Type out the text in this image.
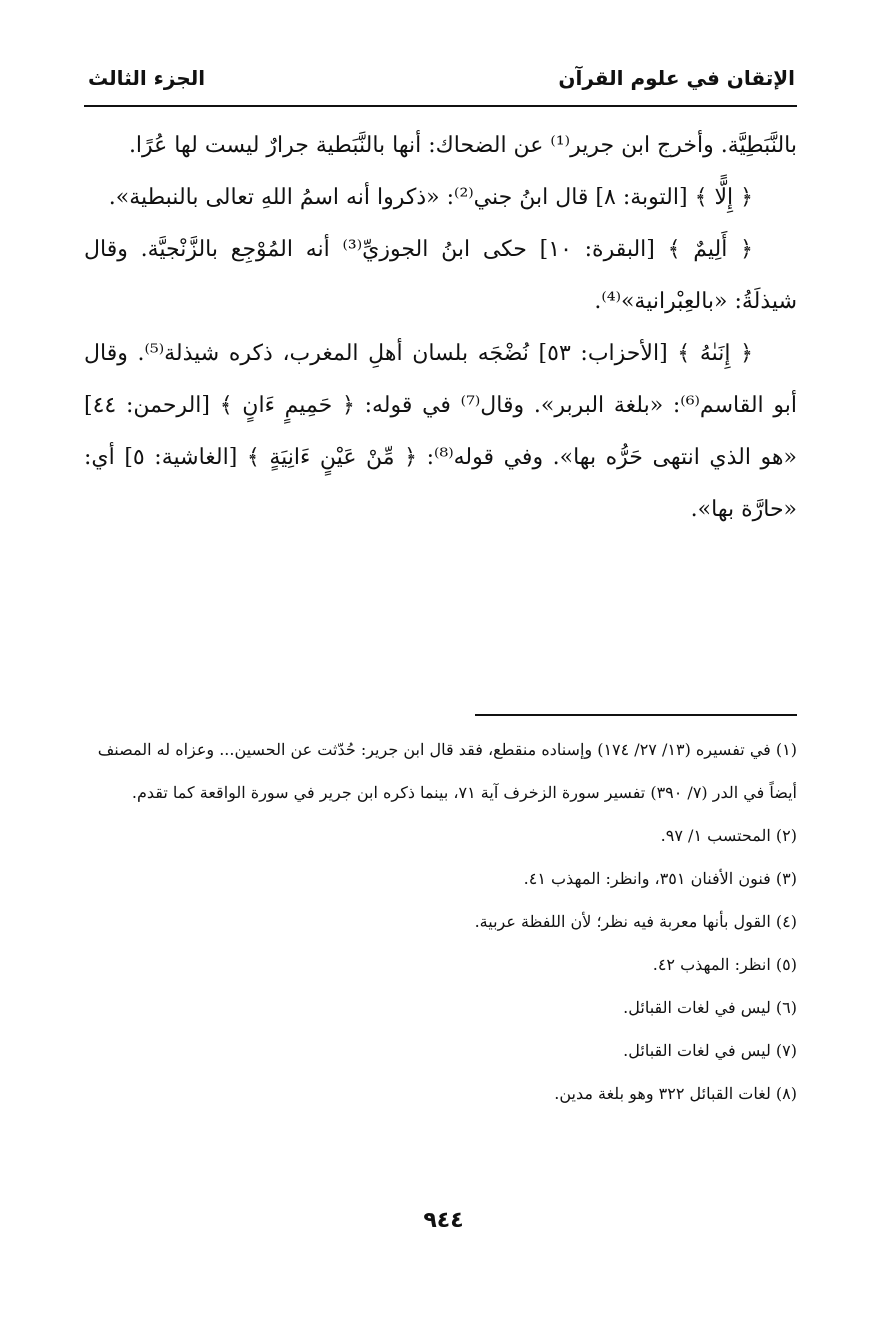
الإتقان في علوم القرآن
الجزء الثالث

بالنَّبَطِيَّة. وأخرج ابن جرير⁽¹⁾ عن الضحاك: أنها بالنَّبَطية جرارٌ ليست لها عُرًا.

﴿ إِلًّا ﴾ [التوبة: ٨] قال ابنُ جني⁽²⁾: «ذكروا أنه اسمُ اللهِ تعالى بالنبطية».

﴿ أَلِيمٌ ﴾ [البقرة: ١٠] حكى ابنُ الجوزيِّ⁽³⁾ أنه المُوْجِع بالزَّنْجيَّة. وقال شيذلَةُ: «بالعِبْرانية»⁽⁴⁾.

﴿ إِنَىٰهُ ﴾ [الأحزاب: ٥٣] نُضْجَه بلسان أهلِ المغرب، ذكره شيذلة⁽⁵⁾. وقال أبو القاسم⁽⁶⁾: «بلغة البربر». وقال⁽⁷⁾ في قوله: ﴿ حَمِيمٍ ءَانٍ ﴾ [الرحمن: ٤٤] «هو الذي انتهى حَرُّه بها». وفي قوله⁽⁸⁾: ﴿ مِّنْ عَيْنٍ ءَانِيَةٍ ﴾ [الغاشية: ٥] أي: «حارَّة بها».

(١) في تفسيره (١٣/ ٢٧/ ١٧٤) وإسناده منقطع، فقد قال ابن جرير: حُدّثت عن الحسين... وعزاه له المصنف أيضاً في الدر (٧/ ٣٩٠) تفسير سورة الزخرف آية ٧١، بينما ذكره ابن جرير في سورة الواقعة كما تقدم.

(٢) المحتسب ١/ ٩٧.

(٣) فنون الأفنان ٣٥١، وانظر: المهذب ٤١.

(٤) القول بأنها معربة فيه نظر؛ لأن اللفظة عربية.

(٥) انظر: المهذب ٤٢.

(٦) ليس في لغات القبائل.

(٧) ليس في لغات القبائل.

(٨) لغات القبائل ٣٢٢ وهو بلغة مدين.

٩٤٤
